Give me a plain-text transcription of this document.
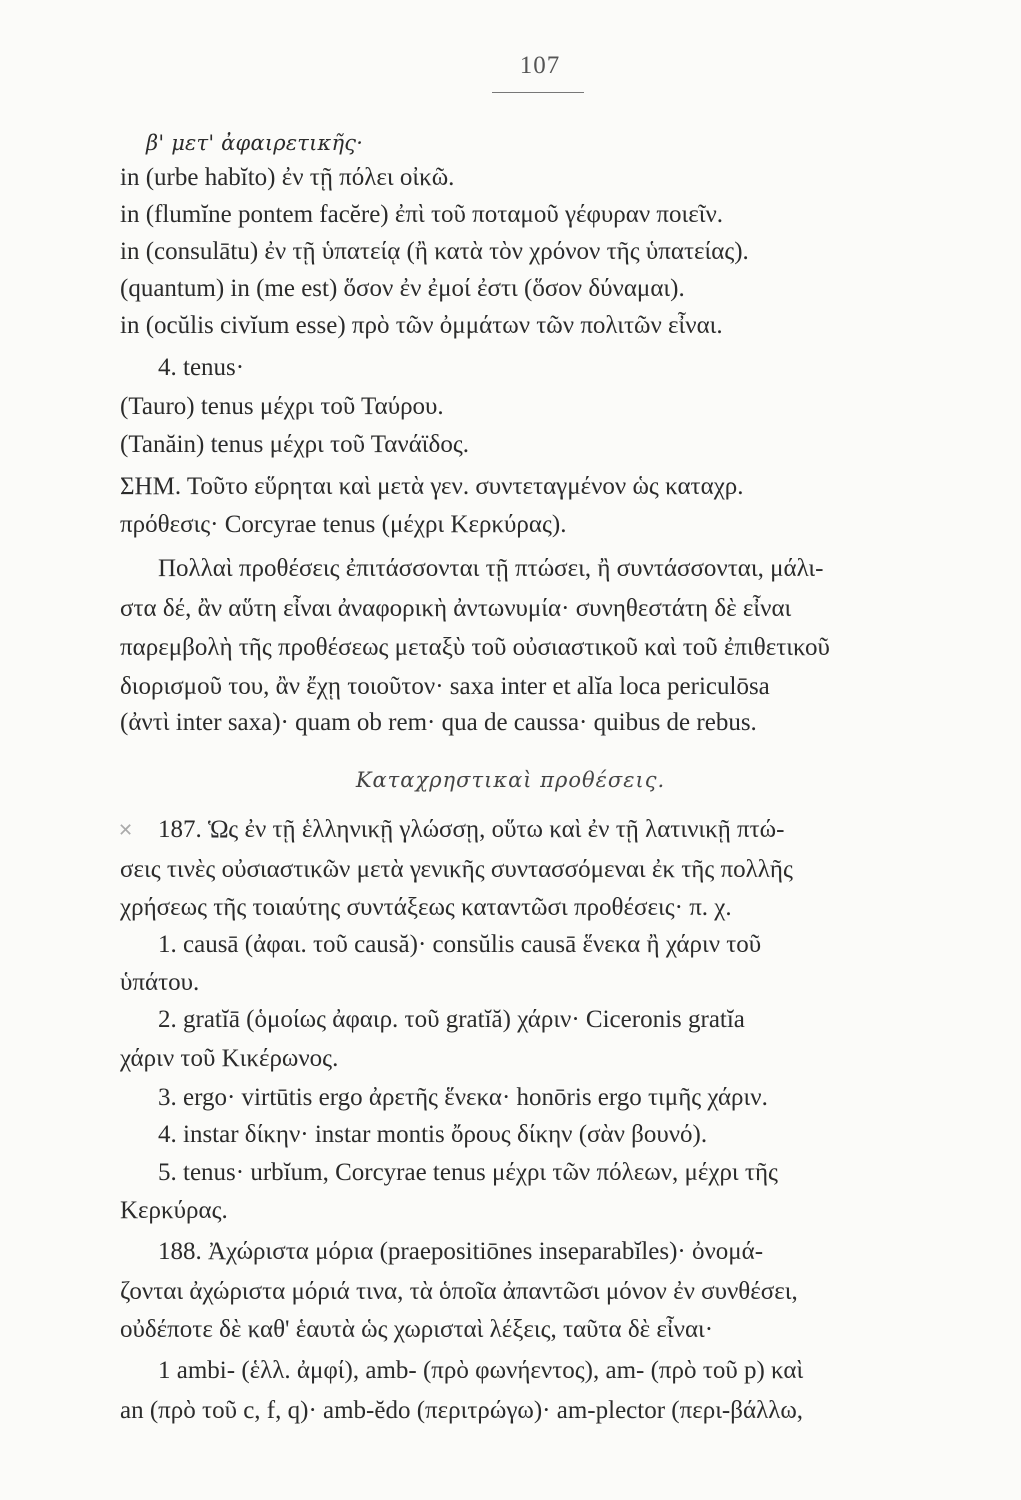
107
β' μετ' ἀφαιρετικῆς·
in (urbe habĭto) ἐν τῇ πόλει οἰκῶ.
in (flumĭne pontem facĕre) ἐπὶ τοῦ ποταμοῦ γέφυραν ποιεῖν.
in (consulātu) ἐν τῇ ὑπατείᾳ (ἢ κατὰ τὸν χρόνον τῆς ὑπατείας).
(quantum) in (me est) ὅσον ἐν ἐμοί ἐστι (ὅσον δύναμαι).
in (ocŭlis civĭum esse) πρὸ τῶν ὀμμάτων τῶν πολιτῶν εἶναι.
4. tenus·
(Tauro) tenus μέχρι τοῦ Ταύρου.
(Tanăin) tenus μέχρι τοῦ Τανάϊδος.
ΣΗΜ. Τοῦτο εὕρηται καὶ μετὰ γεν. συντεταγμένον ὡς καταχρ.
πρόθεσις· Corcyrae tenus (μέχρι Κερκύρας).
Πολλαὶ προθέσεις ἐπιτάσσονται τῇ πτώσει, ἢ συντάσσονται, μάλι-
στα δέ, ἂν αὕτη εἶναι ἀναφορικὴ ἀντωνυμία· συνηθεστάτη δὲ εἶναι
παρεμβολὴ τῆς προθέσεως μεταξὺ τοῦ οὐσιαστικοῦ καὶ τοῦ ἐπιθετικοῦ
διορισμοῦ του, ἂν ἔχῃ τοιοῦτον· saxa inter et alĭa loca periculōsa
(ἀντὶ inter saxa)· quam ob rem· qua de caussa· quibus de rebus.
Καταχρηστικαὶ προθέσεις.
✕ 187. Ὡς ἐν τῇ ἑλληνικῇ γλώσσῃ, οὕτω καὶ ἐν τῇ λατινικῇ πτώ-
σεις τινὲς οὐσιαστικῶν μετὰ γενικῆς συντασσόμεναι ἐκ τῆς πολλῆς
χρήσεως τῆς τοιαύτης συντάξεως καταντῶσι προθέσεις· π. χ.
1. causā (ἀφαι. τοῦ causă)· consŭlis causā ἕνεκα ἢ χάριν τοῦ
ὑπάτου.
2. gratĭā (ὁμοίως ἀφαιρ. τοῦ gratĭă) χάριν· Ciceronis gratĭa
χάριν τοῦ Κικέρωνος.
3. ergo· virtūtis ergo ἀρετῆς ἕνεκα· honōris ergo τιμῆς χάριν.
4. instar δίκην· instar montis ὄρους δίκην (σὰν βουνό).
5. tenus· urbĭum, Corcyrae tenus μέχρι τῶν πόλεων, μέχρι τῆς
Κερκύρας.
188. Ἀχώριστα μόρια (praepositiōnes inseparabĭles)· ὀνομά-
ζονται ἀχώριστα μόριά τινα, τὰ ὁποῖα ἀπαντῶσι μόνον ἐν συνθέσει,
οὐδέποτε δὲ καθ' ἑαυτὰ ὡς χωρισταὶ λέξεις, ταῦτα δὲ εἶναι·
1 ambi- (ἑλλ. ἀμφί), amb- (πρὸ φωνήεντος), am- (πρὸ τοῦ p) καὶ
an (πρὸ τοῦ c, f, q)· amb-ĕdo (περιτρώγω)· am-plector (περι-βάλλω,
